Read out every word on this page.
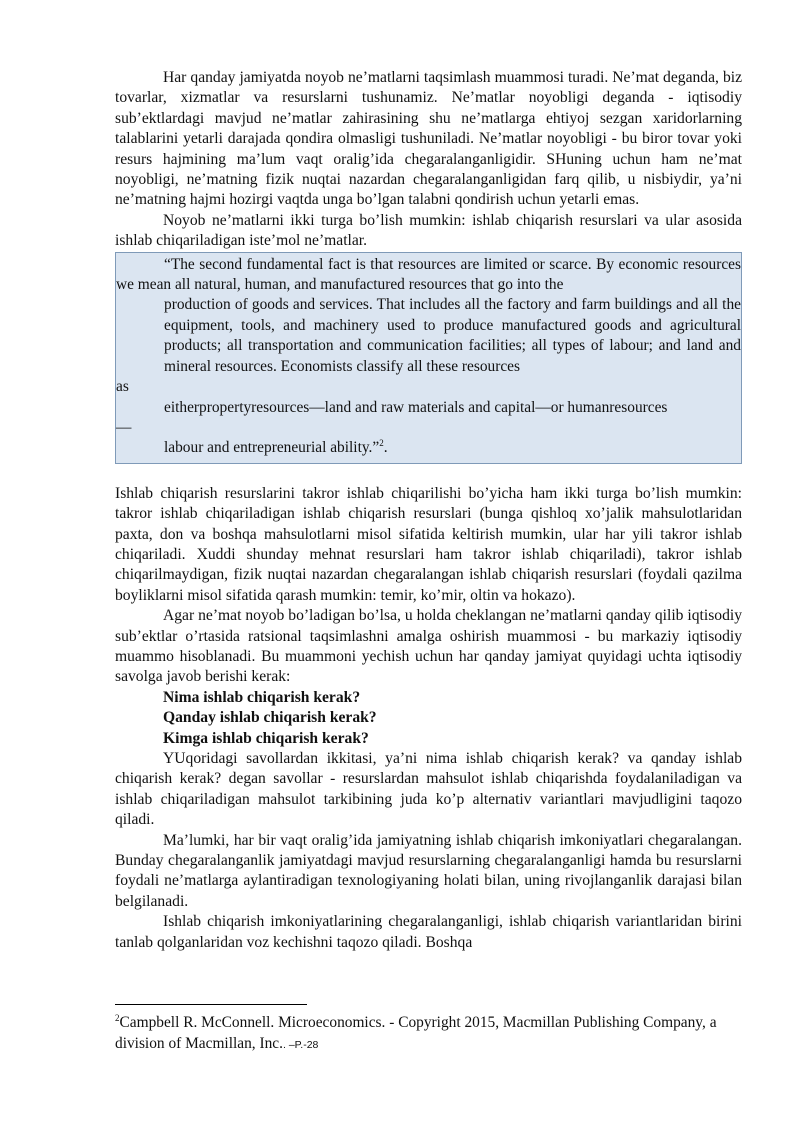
Har qanday jamiyatda noyob ne’matlarni taqsimlash muammosi turadi. Ne’mat deganda, biz tovarlar, xizmatlar va resurslarni tushunamiz. Ne’matlar noyobligi deganda - iqtisodiy sub’ektlardagi mavjud ne’matlar zahirasining shu ne’matlarga ehtiyoj sezgan xaridorlarning talablarini yetarli darajada qondira olmasligi tushuniladi. Ne’matlar noyobligi - bu biror tovar yoki resurs hajmining ma’lum vaqt oralig’ida chegaralanganligidir. SHuning uchun ham ne’mat noyobligi, ne’matning fizik nuqtai nazardan chegaralanganligidan farq qilib, u nisbiydir, ya’ni ne’matning hajmi hozirgi vaqtda unga bo’lgan talabni qondirish uchun yetarli emas.

Noyob ne’matlarni ikki turga bo’lish mumkin: ishlab chiqarish resurslari va ular asosida ishlab chiqariladigan iste’mol ne’matlar.

“The second fundamental fact is that resources are limited or scarce. By economic resources we mean all natural, human, and manufactured resources that go into the

production of goods and services. That includes all the factory and farm buildings and all the equipment, tools, and machinery used to produce manufactured goods and agricultural products; all transportation and communication facilities; all types of labour; and land and mineral resources. Economists classify all these resources

as

eitherpropertyresources—land and raw materials and capital—or humanresources

—

labour and entrepreneurial ability.”$^2$.

Ishlab chiqarish resurslarini takror ishlab chiqarilishi bo’yicha ham ikki turga bo’lish mumkin: takror ishlab chiqariladigan ishlab chiqarish resurslari (bunga qishloq xo’jalik mahsulotlaridan paxta, don va boshqa mahsulotlarni misol sifatida keltirish mumkin, ular har yili takror ishlab chiqariladi. Xuddi shunday mehnat resurslari ham takror ishlab chiqariladi), takror ishlab chiqarilmaydigan, fizik nuqtai nazardan chegaralangan ishlab chiqarish resurslari (foydali qazilma boyliklarni misol sifatida qarash mumkin: temir, ko’mir, oltin va hokazo).

Agar ne’mat noyob bo’ladigan bo’lsa, u holda cheklangan ne’matlarni qanday qilib iqtisodiy sub’ektlar o’rtasida ratsional taqsimlashni amalga oshirish muammosi - bu markaziy iqtisodiy muammo hisoblanadi. Bu muammoni yechish uchun har qanday jamiyat quyidagi uchta iqtisodiy savolga javob berishi kerak:

Nima ishlab chiqarish kerak?

Qanday ishlab chiqarish kerak?

Kimga ishlab chiqarish kerak?

YUqoridagi savollardan ikkitasi, ya’ni nima ishlab chiqarish kerak? va qanday ishlab chiqarish kerak? degan savollar - resurslardan mahsulot ishlab chiqarishda foydalaniladigan va ishlab chiqariladigan mahsulot tarkibining juda ko’p alternativ variantlari mavjudligini taqozo qiladi.

Ma’lumki, har bir vaqt oralig’ida jamiyatning ishlab chiqarish imkoniyatlari chegaralangan. Bunday chegaralanganlik jamiyatdagi mavjud resurslarning chegaralanganligi hamda bu resurslarni foydali ne’matlarga aylantiradigan texnologiyaning holati bilan, uning rivojlanganlik darajasi bilan belgilanadi.

Ishlab chiqarish imkoniyatlarining chegaralanganligi, ishlab chiqarish variantlaridan birini tanlab qolganlaridan voz kechishni taqozo qiladi. Boshqa

$^2$Campbell R. McConnell. Microeconomics. - Copyright 2015, Macmillan Publishing Company, a division of Macmillan, Inc.. –P.-28
